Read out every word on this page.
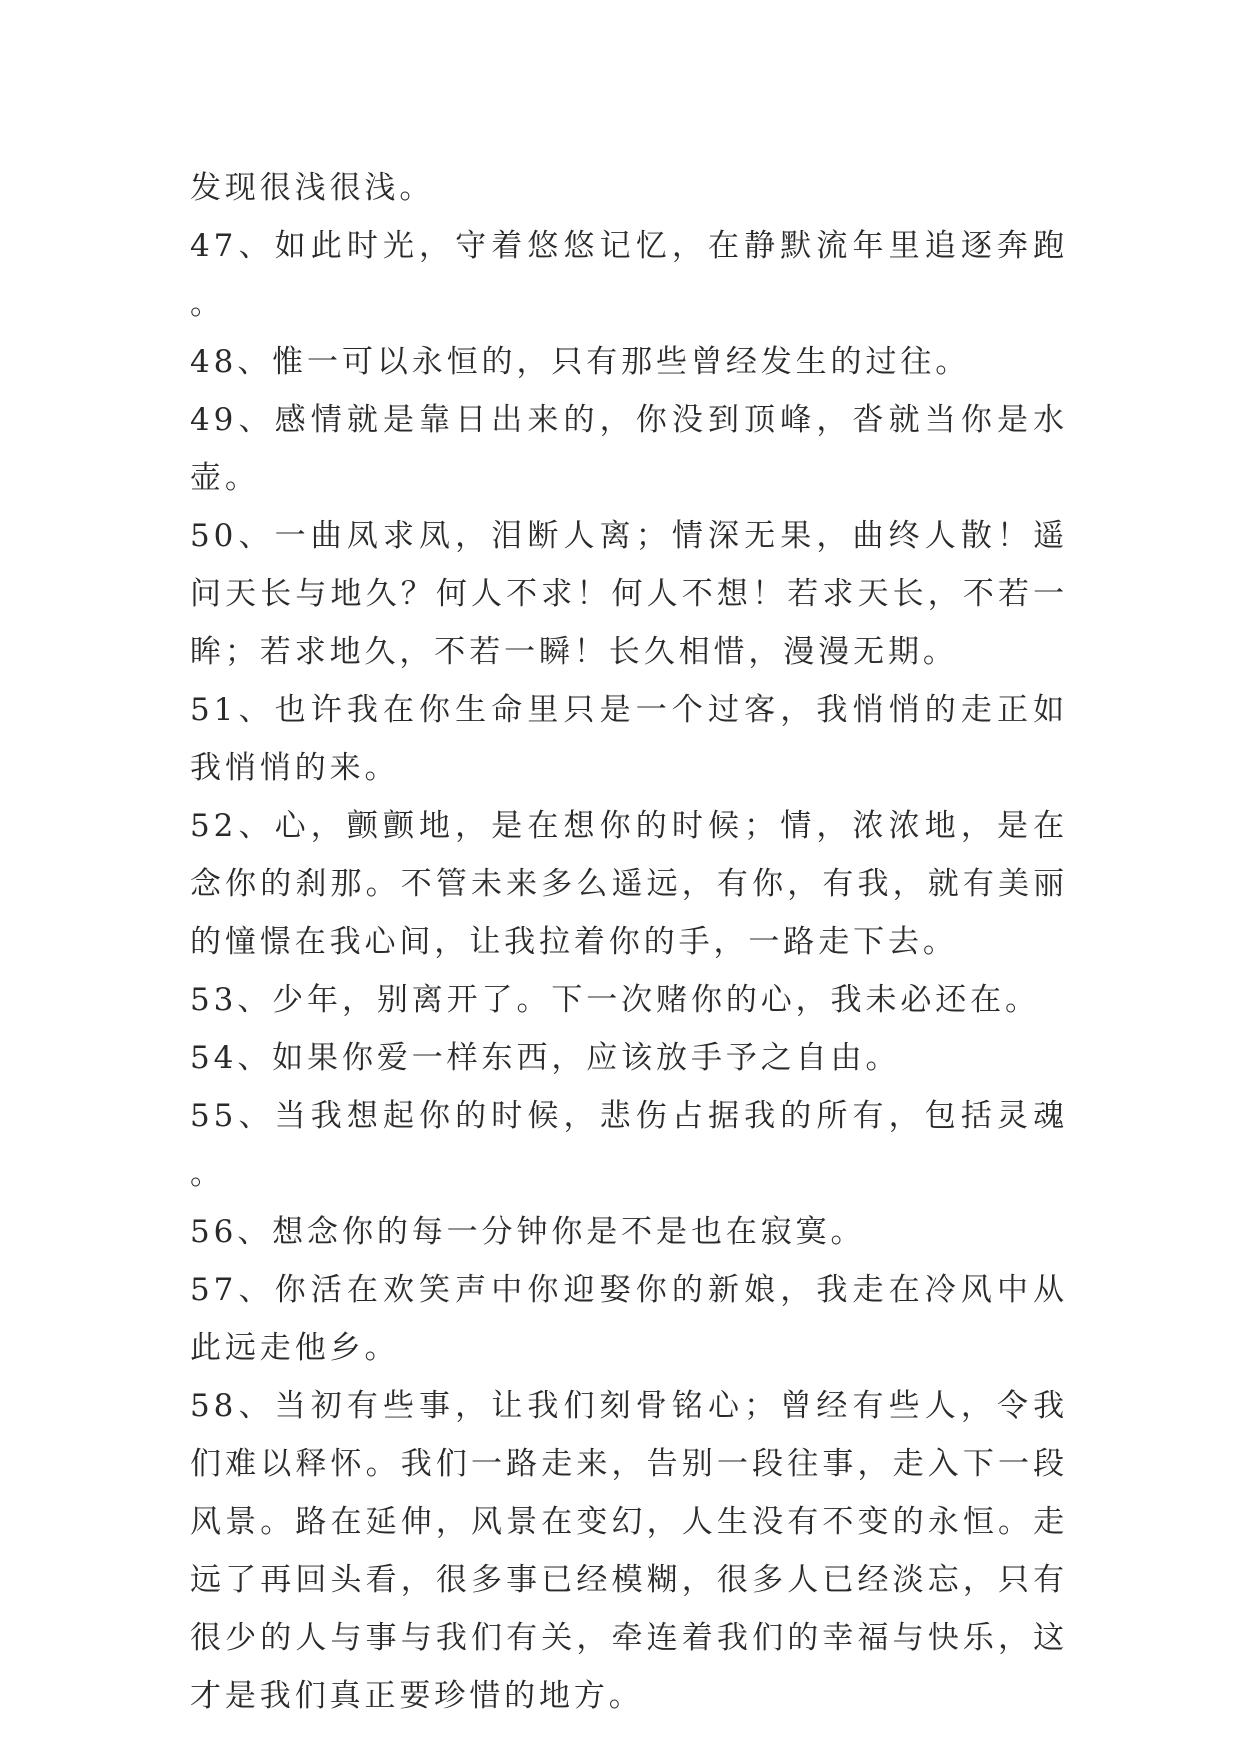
发现很浅很浅。

47、如此时光，守着悠悠记忆，在静默流年里追逐奔跑。

48、惟一可以永恒的，只有那些曾经发生的过往。

49、感情就是靠日出来的，你没到顶峰，沓就当你是水壶。

50、一曲凤求凤，泪断人离；情深无果，曲终人散！遥问天长与地久？何人不求！何人不想！若求天长，不若一眸；若求地久，不若一瞬！长久相惜，漫漫无期。

51、也许我在你生命里只是一个过客，我悄悄的走正如我悄悄的来。

52、心，颤颤地，是在想你的时候；情，浓浓地，是在念你的刹那。不管未来多么遥远，有你，有我，就有美丽的憧憬在我心间，让我拉着你的手，一路走下去。

53、少年，别离开了。下一次赌你的心，我未必还在。

54、如果你爱一样东西，应该放手予之自由。

55、当我想起你的时候，悲伤占据我的所有，包括灵魂。

56、想念你的每一分钟你是不是也在寂寞。

57、你活在欢笑声中你迎娶你的新娘，我走在冷风中从此远走他乡。

58、当初有些事，让我们刻骨铭心；曾经有些人，令我们难以释怀。我们一路走来，告别一段往事，走入下一段风景。路在延伸，风景在变幻，人生没有不变的永恒。走远了再回头看，很多事已经模糊，很多人已经淡忘，只有很少的人与事与我们有关，牵连着我们的幸福与快乐，这才是我们真正要珍惜的地方。
